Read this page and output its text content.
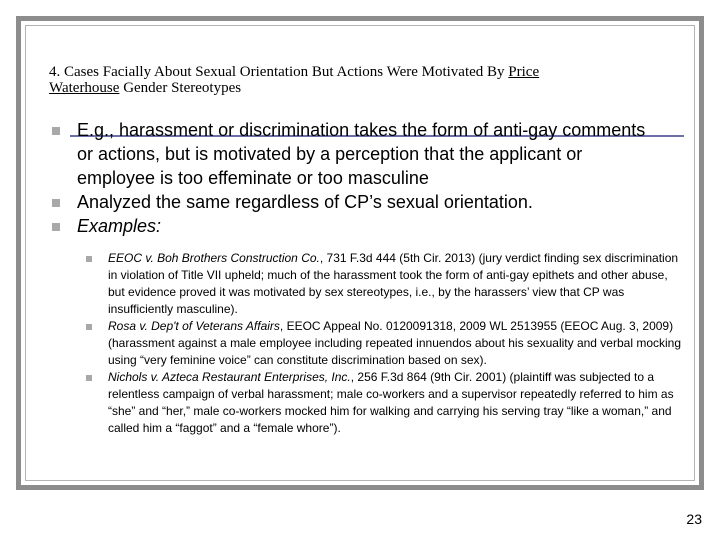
4. Cases Facially About Sexual Orientation But Actions Were Motivated By Price
Waterhouse Gender Stereotypes
E.g., harassment or discrimination takes the form of anti-gay comments or actions, but is motivated by a perception that the applicant or employee is too effeminate or too masculine
Analyzed the same regardless of CP’s sexual orientation.
Examples:
EEOC v. Boh Brothers Construction Co., 731 F.3d 444 (5th Cir. 2013) (jury verdict finding sex discrimination in violation of Title VII upheld; much of the harassment took the form of anti-gay epithets and other abuse, but evidence proved it was motivated by sex stereotypes, i.e., by the harassers’ view that CP was insufficiently masculine).
Rosa v. Dep't of Veterans Affairs, EEOC Appeal No. 0120091318, 2009 WL 2513955 (EEOC Aug. 3, 2009) (harassment against a male employee including repeated innuendos about his sexuality and verbal mocking using “very feminine voice” can constitute discrimination based on sex).
Nichols v. Azteca Restaurant Enterprises, Inc., 256 F.3d 864 (9th Cir. 2001) (plaintiff was subjected to a relentless campaign of verbal harassment; male co-workers and a supervisor repeatedly referred to him as “she” and “her,” male co-workers mocked him for walking and carrying his serving tray “like a woman,” and called him a “faggot” and a “female whore”).
23
